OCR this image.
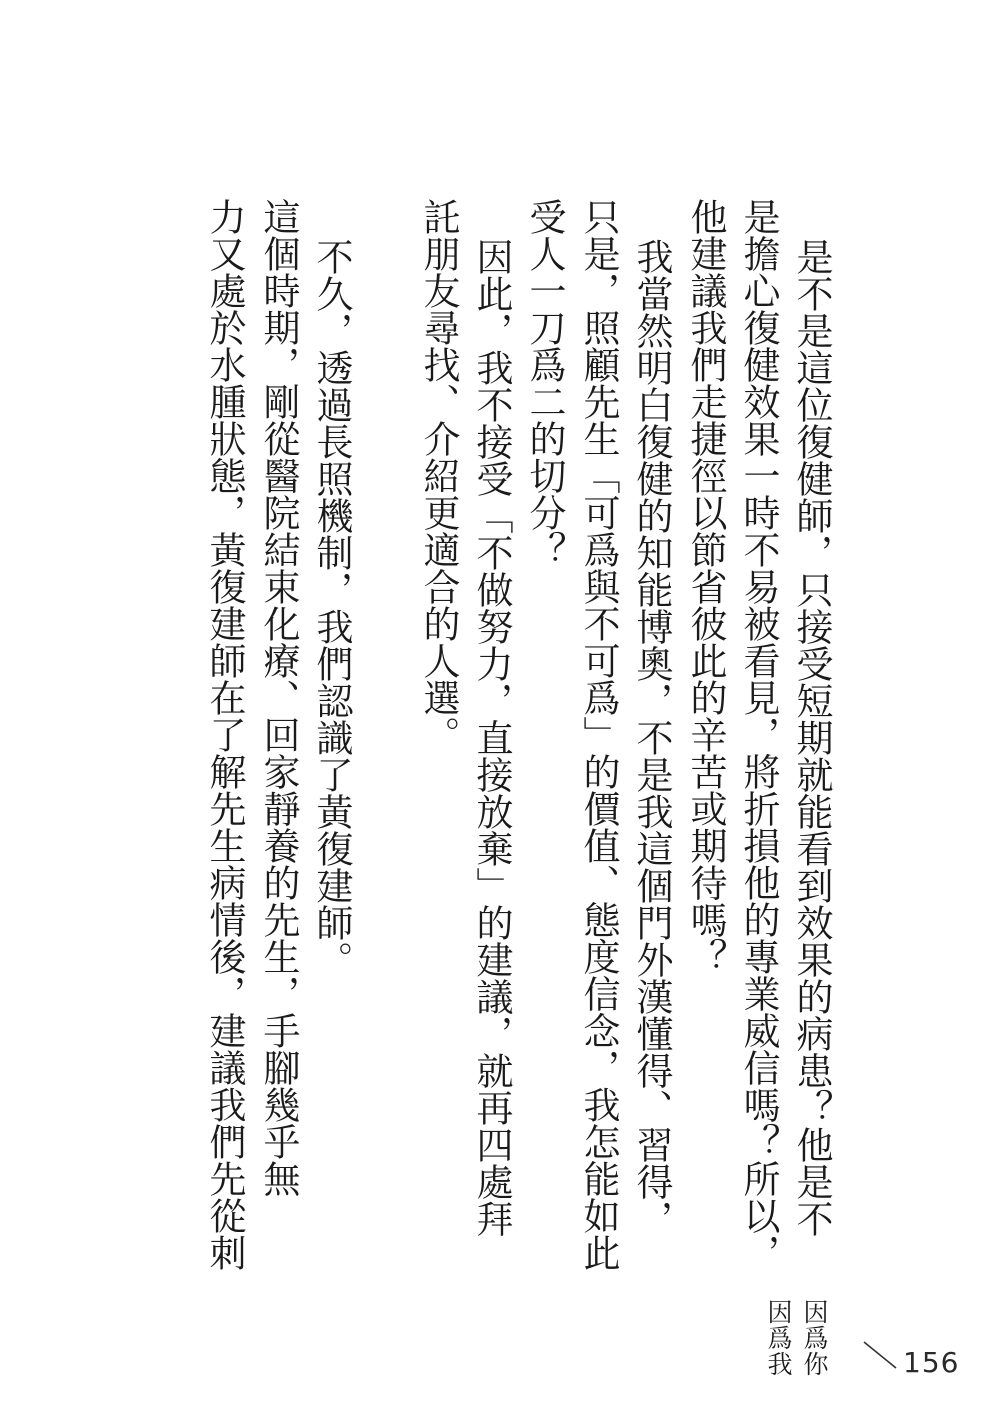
是不是這位復健師，只接受短期就能看到效果的病患？他是不
是擔心復健效果一時不易被看見，將折損他的專業威信嗎？所以，
他建議我們走捷徑以節省彼此的辛苦或期待嗎？
我當然明白復健的知能博奧，不是我這個門外漢懂得、習得，
只是，照顧先生「可爲與不可爲」的價值、態度信念，我怎能如此
受人一刀爲二的切分？
因此，我不接受「不做努力，直接放棄」的建議，就再四處拜
託朋友尋找、介紹更適合的人選。
不久，透過長照機制，我們認識了黃復建師。
這個時期，剛從醫院結束化療、回家靜養的先生，手腳幾乎無
力又處於水腫狀態，黃復建師在了解先生病情後，建議我們先從刺
因爲你
因爲我	156
